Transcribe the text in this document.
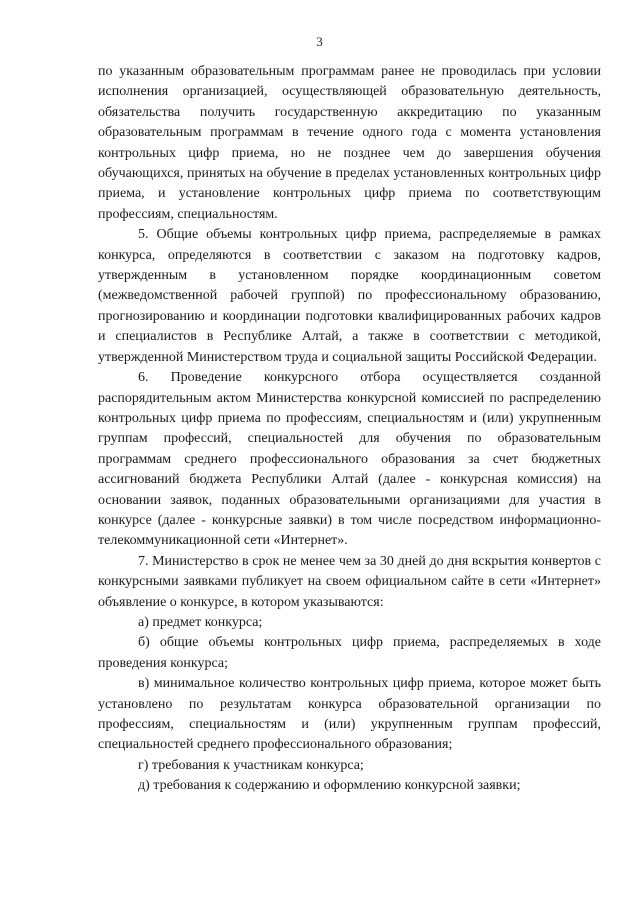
3

по указанным образовательным программам ранее не проводилась при условии исполнения организацией, осуществляющей образовательную деятельность, обязательства получить государственную аккредитацию по указанным образовательным программам в течение одного года с момента установления контрольных цифр приема, но не позднее чем до завершения обучения обучающихся, принятых на обучение в пределах установленных контрольных цифр приема, и установление контрольных цифр приема по соответствующим профессиям, специальностям.

5. Общие объемы контрольных цифр приема, распределяемые в рамках конкурса, определяются в соответствии с заказом на подготовку кадров, утвержденным в установленном порядке координационным советом (межведомственной рабочей группой) по профессиональному образованию, прогнозированию и координации подготовки квалифицированных рабочих кадров и специалистов в Республике Алтай, а также в соответствии с методикой, утвержденной Министерством труда и социальной защиты Российской Федерации.

6. Проведение конкурсного отбора осуществляется созданной распорядительным актом Министерства конкурсной комиссией по распределению контрольных цифр приема по профессиям, специальностям и (или) укрупненным группам профессий, специальностей для обучения по образовательным программам среднего профессионального образования за счет бюджетных ассигнований бюджета Республики Алтай (далее - конкурсная комиссия) на основании заявок, поданных образовательными организациями для участия в конкурсе (далее - конкурсные заявки) в том числе посредством информационно-телекоммуникационной сети «Интернет».

7. Министерство в срок не менее чем за 30 дней до дня вскрытия конвертов с конкурсными заявками публикует на своем официальном сайте в сети «Интернет» объявление о конкурсе, в котором указываются:

а) предмет конкурса;

б) общие объемы контрольных цифр приема, распределяемых в ходе проведения конкурса;

в) минимальное количество контрольных цифр приема, которое может быть установлено по результатам конкурса образовательной организации по профессиям, специальностям и (или) укрупненным группам профессий, специальностей среднего профессионального образования;

г) требования к участникам конкурса;

д) требования к содержанию и оформлению конкурсной заявки;
